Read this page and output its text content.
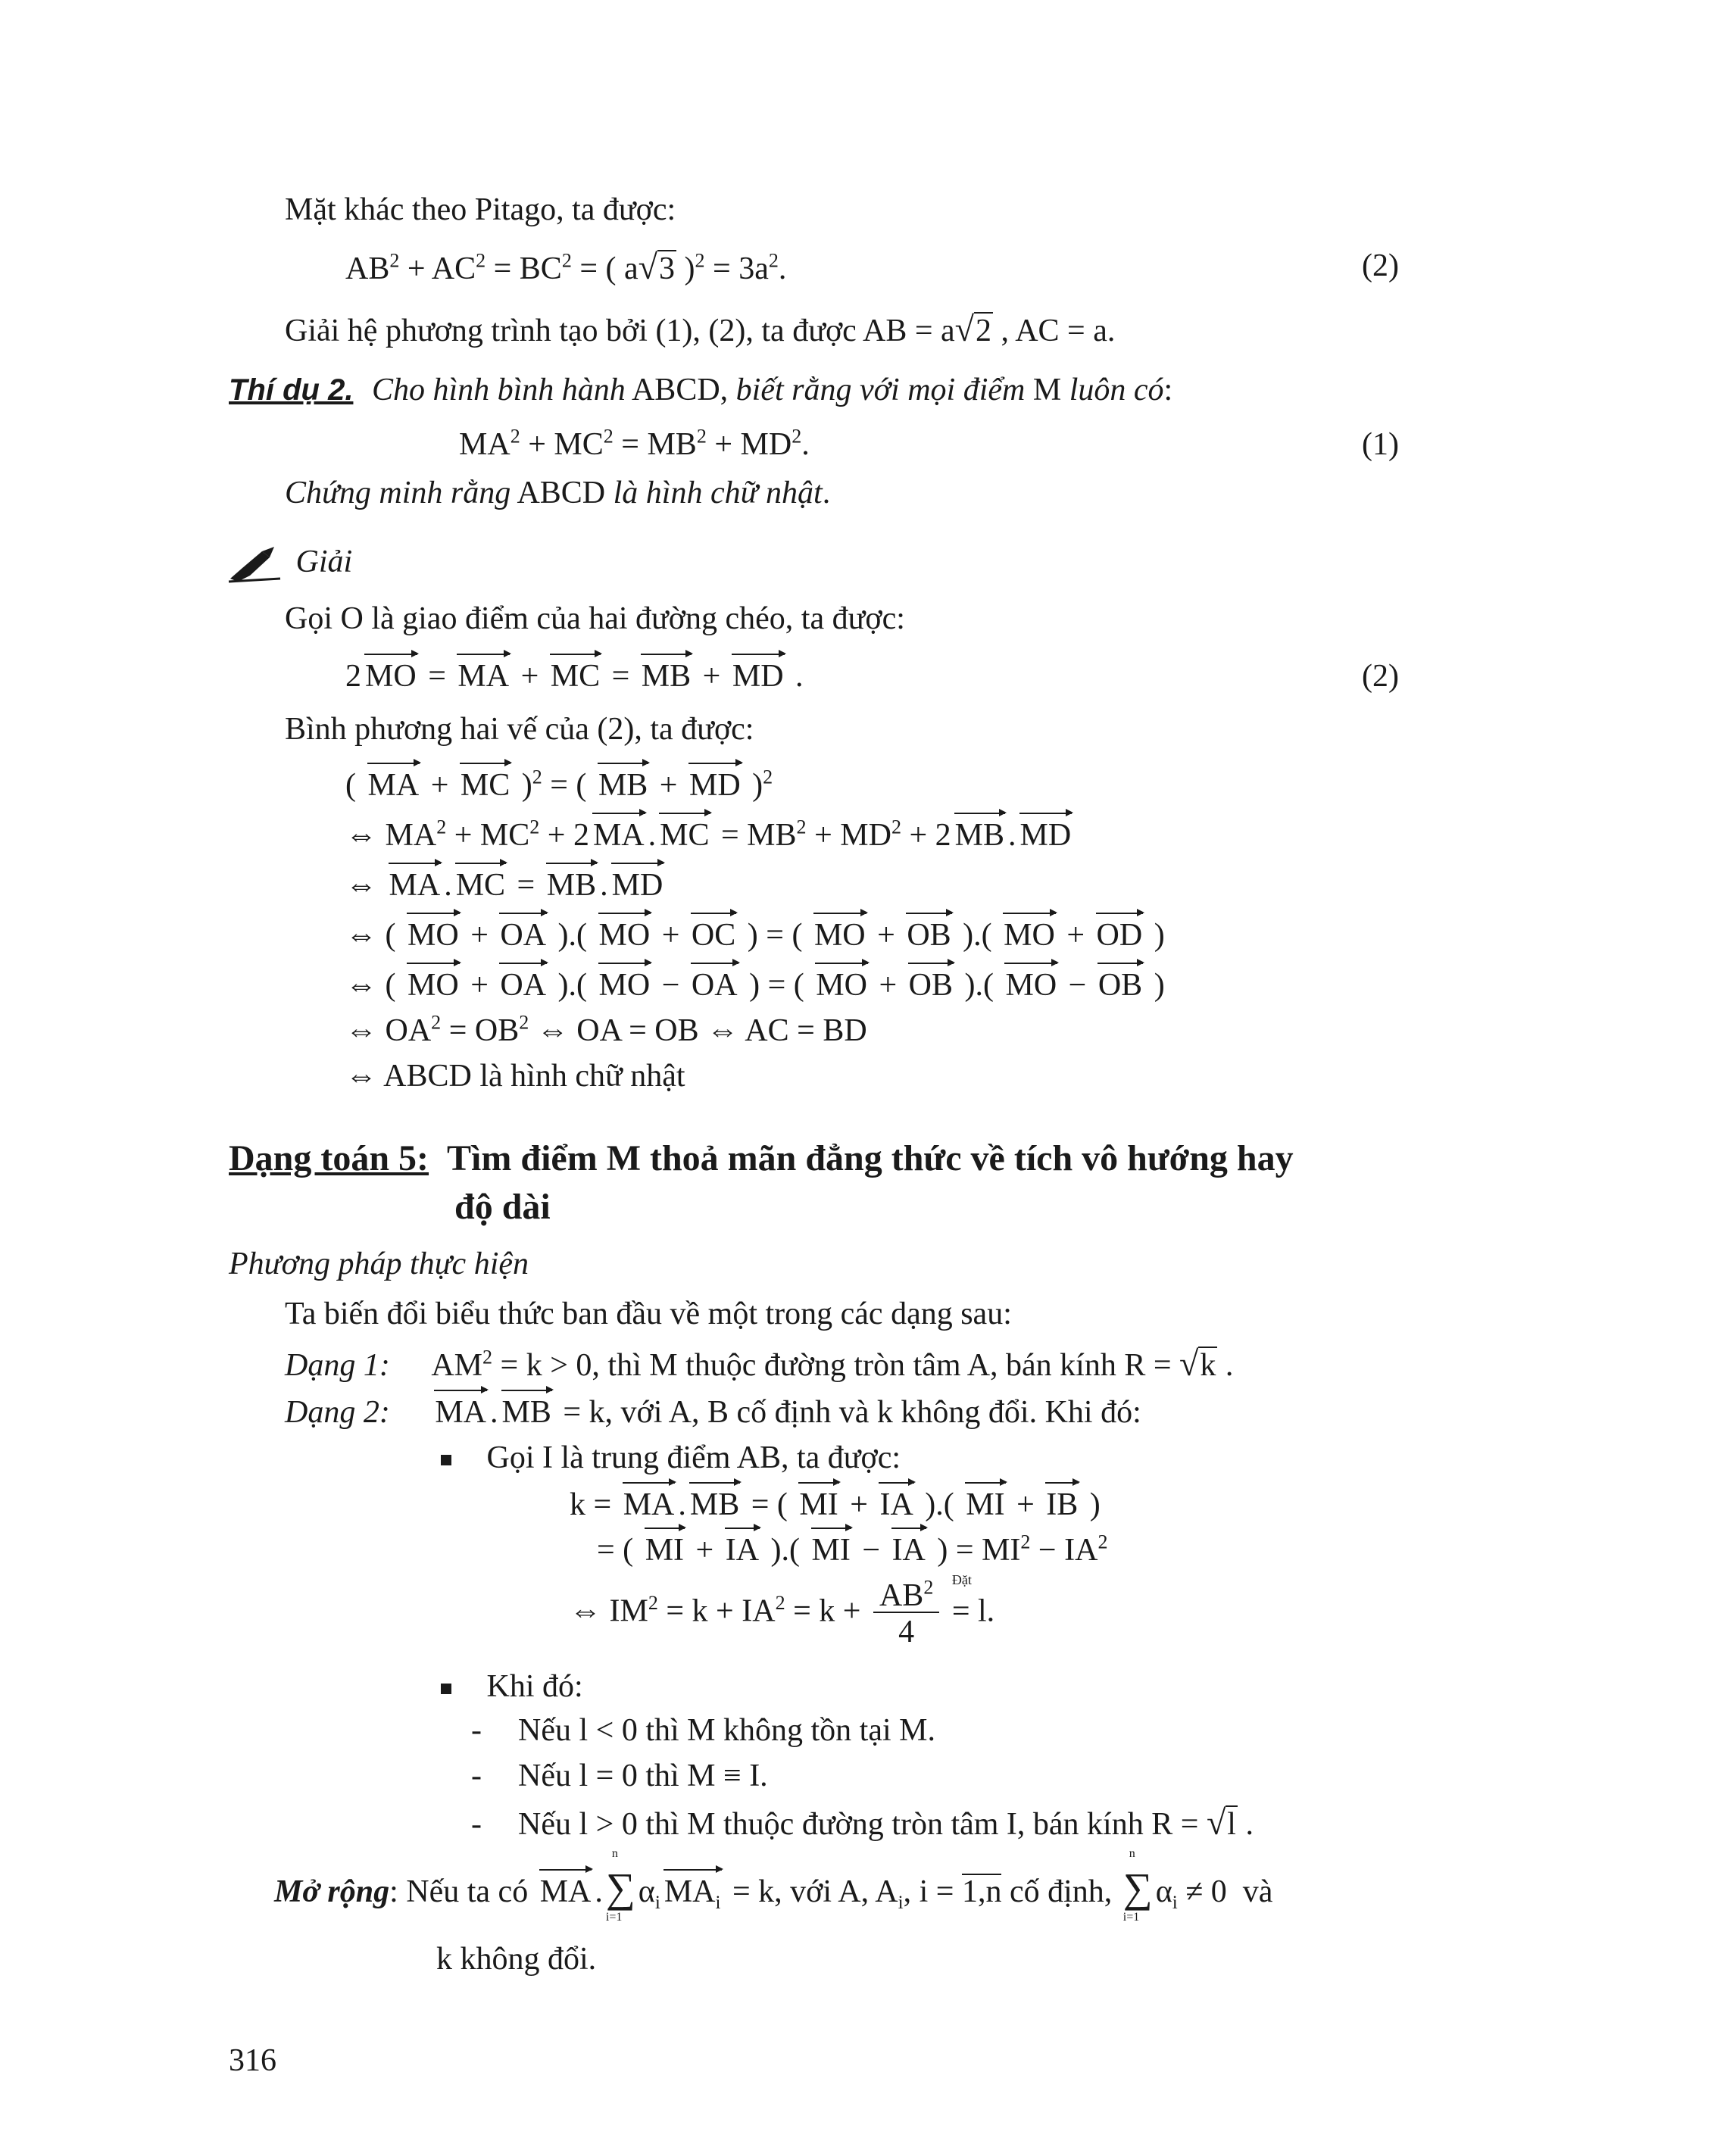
Mặt khác theo Pitago, ta được:
$AB^2 + AC^2 = BC^2$ = ( a√3 )$^2 = 3a^2$.	(2)
Giải hệ phương trình tạo bởi (1), (2), ta được AB = a√2 , AC = a.
Thí dụ 2. Cho hình bình hành ABCD, biết rằng với mọi điểm M luôn có:
$MA^2 + MC^2 = MB^2 + MD^2$.	(1)
Chứng minh rằng ABCD là hình chữ nhật.
Giải
Gọi O là giao điểm của hai đường chéo, ta được:
2 MO = MA + MC = MB + MD .	(2)
Bình phương hai vế của (2), ta được:
( MA + MC )$^2$ = ( MB + MD )$^2$
⇔ $MA^2 + MC^2 + 2$ MA . MC = $MB^2 + MD^2 + 2$ MB . MD
⇔ MA . MC = MB . MD
⇔ ( MO + OA ).( MO + OC ) = ( MO + OB ).( MO + OD )
⇔ ( MO + OA ).( MO − OA ) = ( MO + OB ).( MO − OB )
⇔ $OA^2 = OB^2$ ⇔ OA = OB ⇔ AC = BD
⇔ ABCD là hình chữ nhật
Dạng toán 5: Tìm điểm M thoả mãn đẳng thức về tích vô hướng hay
độ dài
Phương pháp thực hiện
Ta biến đổi biểu thức ban đầu về một trong các dạng sau:
Dạng 1: $AM^2 = k > 0$, thì M thuộc đường tròn tâm A, bán kính R = √k .
Dạng 2: MA . MB = k, với A, B cố định và k không đổi. Khi đó:
Gọi I là trung điểm AB, ta được:
k = MA . MB = ( MI + IA ).( MI + IB )
= ( MI + IA ).( MI − IA ) = $MI^2 - IA^2$
⇔ $IM^2 = k + IA^2 = k + \frac{AB^2}{4}$

Đặt
= l.
Khi đó:
- Nếu l < 0 thì M không tồn tại M.
- Nếu l = 0 thì M ≡ I.
- Nếu l > 0 thì M thuộc đường tròn tâm I, bán kính R = √l .
Mở rộng: Nếu ta có MA .
n
∑
i=1
$\alpha_i$ $MA_i = k$, với A, $A_i$, i = 1,n cố định,
n
∑
i=1
$\alpha_i \ne 0$  và
k không đổi.
316
